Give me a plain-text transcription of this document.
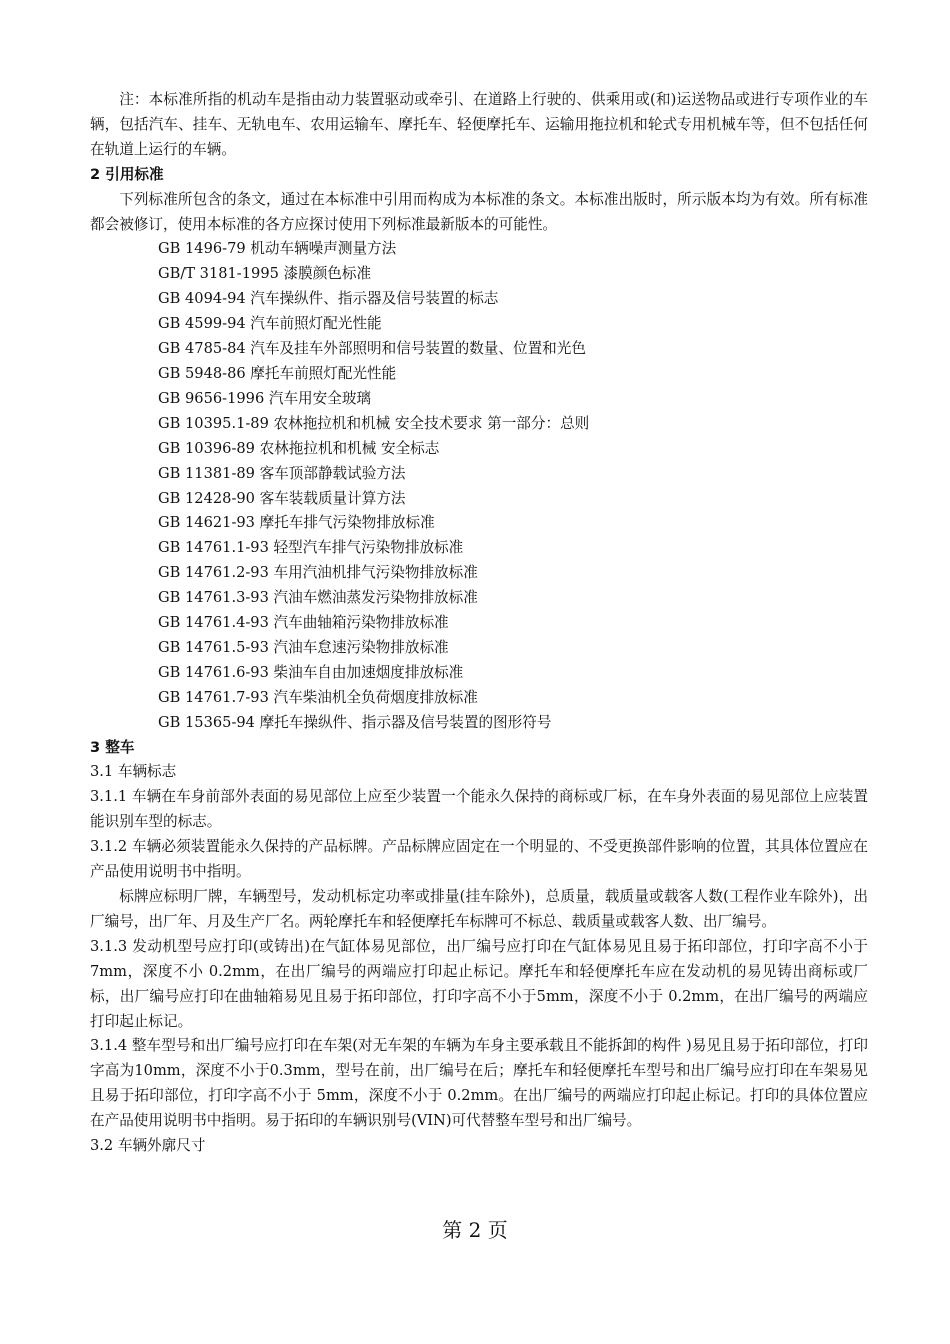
注：本标准所指的机动车是指由动力装置驱动或牵引、在道路上行驶的、供乘用或(和)运送物品或进行专项作业的车辆，包括汽车、挂车、无轨电车、农用运输车、摩托车、轻便摩托车、运输用拖拉机和轮式专用机械车等，但不包括任何在轨道上运行的车辆。

2 引用标准

下列标准所包含的条文，通过在本标准中引用而构成为本标准的条文。本标准出版时，所示版本均为有效。所有标准都会被修订，使用本标准的各方应探讨使用下列标准最新版本的可能性。

GB 1496-79 机动车辆噪声测量方法
GB/T 3181-1995 漆膜颜色标准
GB 4094-94 汽车操纵件、指示器及信号装置的标志
GB 4599-94 汽车前照灯配光性能
GB 4785-84 汽车及挂车外部照明和信号装置的数量、位置和光色
GB 5948-86 摩托车前照灯配光性能
GB 9656-1996 汽车用安全玻璃
GB 10395.1-89 农林拖拉机和机械 安全技术要求 第一部分：总则
GB 10396-89 农林拖拉机和机械 安全标志
GB 11381-89 客车顶部静载试验方法
GB 12428-90 客车装载质量计算方法
GB 14621-93 摩托车排气污染物排放标准
GB 14761.1-93 轻型汽车排气污染物排放标准
GB 14761.2-93 车用汽油机排气污染物排放标准
GB 14761.3-93 汽油车燃油蒸发污染物排放标准
GB 14761.4-93 汽车曲轴箱污染物排放标准
GB 14761.5-93 汽油车怠速污染物排放标准
GB 14761.6-93 柴油车自由加速烟度排放标准
GB 14761.7-93 汽车柴油机全负荷烟度排放标准
GB 15365-94 摩托车操纵件、指示器及信号装置的图形符号

3 整车

3.1 车辆标志

3.1.1 车辆在车身前部外表面的易见部位上应至少装置一个能永久保持的商标或厂标，在车身外表面的易见部位上应装置能识别车型的标志。

3.1.2 车辆必须装置能永久保持的产品标牌。产品标牌应固定在一个明显的、不受更换部件影响的位置，其具体位置应在产品使用说明书中指明。

标牌应标明厂牌，车辆型号，发动机标定功率或排量(挂车除外)，总质量，载质量或载客人数(工程作业车除外)，出厂编号，出厂年、月及生产厂名。两轮摩托车和轻便摩托车标牌可不标总、载质量或载客人数、出厂编号。

3.1.3 发动机型号应打印(或铸出)在气缸体易见部位，出厂编号应打印在气缸体易见且易于拓印部位，打印字高不小于 7mm，深度不小 0.2mm，在出厂编号的两端应打印起止标记。摩托车和轻便摩托车应在发动机的易见铸出商标或厂标，出厂编号应打印在曲轴箱易见且易于拓印部位，打印字高不小于5mm，深度不小于 0.2mm，在出厂编号的两端应打印起止标记。

3.1.4 整车型号和出厂编号应打印在车架(对无车架的车辆为车身主要承载且不能拆卸的构件 )易见且易于拓印部位，打印字高为10mm，深度不小于0.3mm，型号在前，出厂编号在后；摩托车和轻便摩托车型号和出厂编号应打印在车架易见且易于拓印部位，打印字高不小于 5mm，深度不小于 0.2mm。在出厂编号的两端应打印起止标记。打印的具体位置应在产品使用说明书中指明。易于拓印的车辆识别号(VIN)可代替整车型号和出厂编号。

3.2 车辆外廓尺寸

第 2 页
